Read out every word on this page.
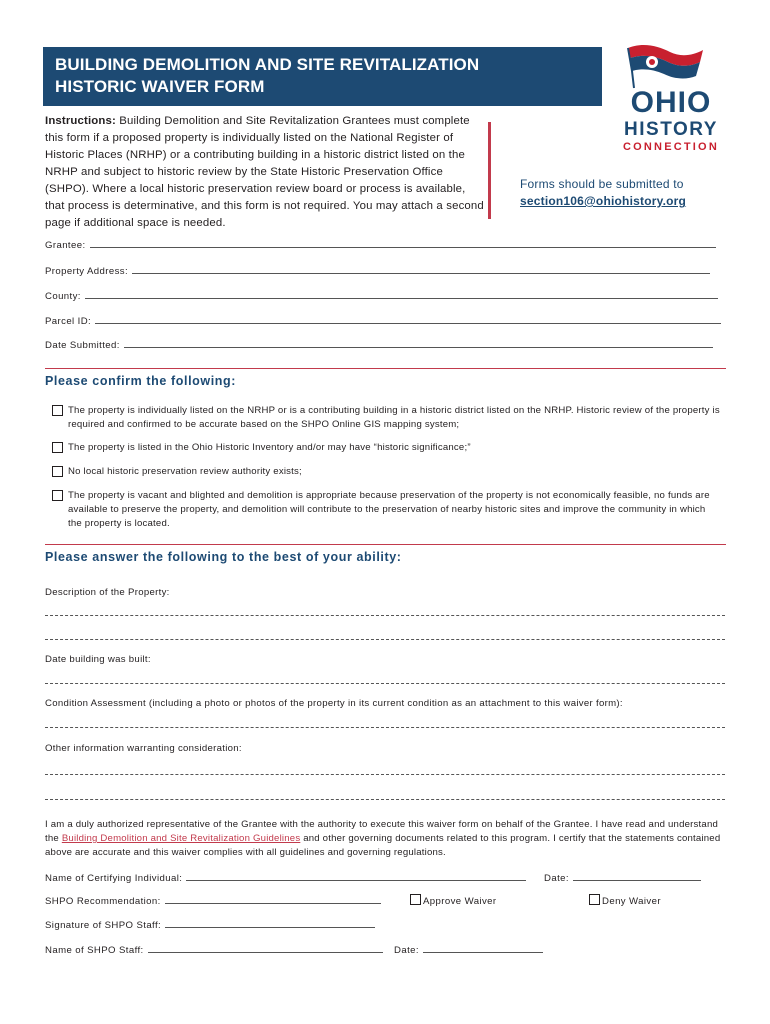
BUILDING DEMOLITION AND SITE REVITALIZATION
HISTORIC WAIVER FORM	OHIO
HISTORY
CONNECTION
Instructions: Building Demolition and Site Revitalization Grantees must complete this form if a proposed property is individually listed on the National Register of Historic Places (NRHP) or a contributing building in a historic district listed on the NRHP and subject to historic review by the State Historic Preservation Office (SHPO). Where a local historic preservation review board or process is available, that process is determinative, and this form is not required. You may attach a second page if additional space is needed.
Forms should be submitted to
section106@ohiohistory.org
Grantee:
Property Address:
County:
Parcel ID:
Date Submitted:
Please confirm the following:
The property is individually listed on the NRHP or is a contributing building in a historic district listed on the NRHP. Historic review of the property is required and confirmed to be accurate based on the SHPO Online GIS mapping system;
The property is listed in the Ohio Historic Inventory and/or may have “historic significance;”
No local historic preservation review authority exists;
The property is vacant and blighted and demolition is appropriate because preservation of the property is not economically feasible, no funds are available to preserve the property, and demolition will contribute to the preservation of nearby historic sites and improve the community in which the property is located.
Please answer the following to the best of your ability:
Description of the Property:
Date building was built:
Condition Assessment (including a photo or photos of the property in its current condition as an attachment to this waiver form):
Other information warranting consideration:
I am a duly authorized representative of the Grantee with the authority to execute this waiver form on behalf of the Grantee. I have read and understand the Building Demolition and Site Revitalization Guidelines and other governing documents related to this program. I certify that the statements contained above are accurate and this waiver complies with all guidelines and governing regulations.
Name of Certifying Individual:	Date:
SHPO Recommendation:	Approve Waiver	Deny Waiver
Signature of SHPO Staff:
Name of SHPO Staff:	Date:
